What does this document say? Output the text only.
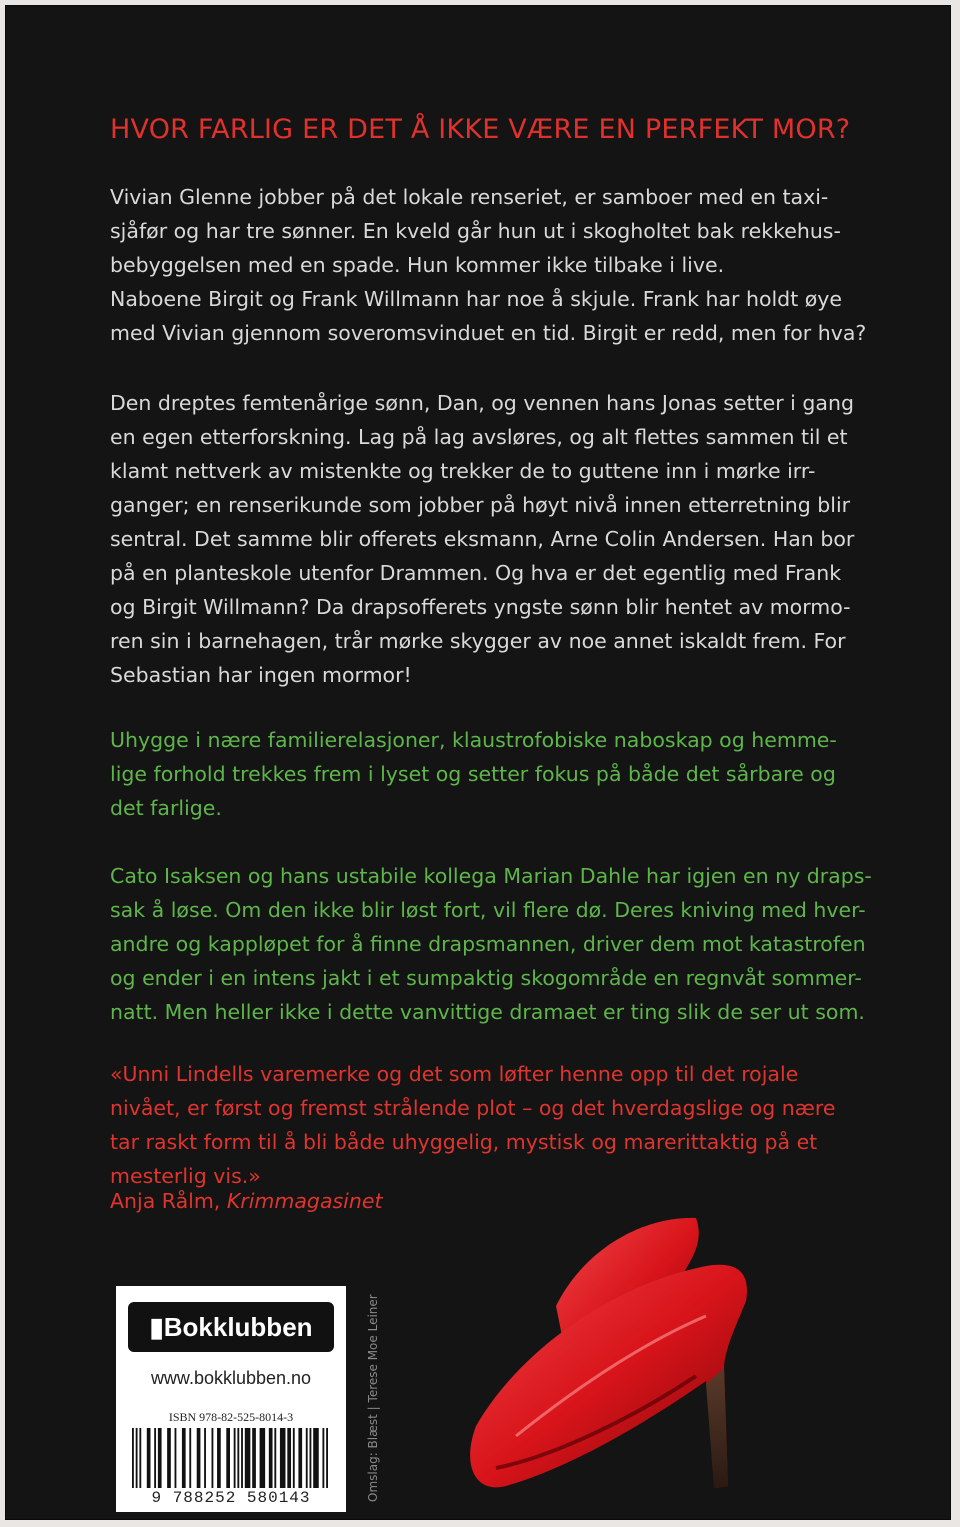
HVOR FARLIG ER DET Å IKKE VÆRE EN PERFEKT MOR?

Vivian Glenne jobber på det lokale renseriet, er samboer med en taxi-
sjåfør og har tre sønner. En kveld går hun ut i skogholtet bak rekkehus-
bebyggelsen med en spade. Hun kommer ikke tilbake i live.
Naboene Birgit og Frank Willmann har noe å skjule. Frank har holdt øye
med Vivian gjennom soveromsvinduet en tid. Birgit er redd, men for hva?

Den dreptes femtenårige sønn, Dan, og vennen hans Jonas setter i gang
en egen etterforskning. Lag på lag avsløres, og alt flettes sammen til et
klamt nettverk av mistenkte og trekker de to guttene inn i mørke irr-
ganger; en renserikunde som jobber på høyt nivå innen etterretning blir
sentral. Det samme blir offerets eksmann, Arne Colin Andersen. Han bor
på en planteskole utenfor Drammen. Og hva er det egentlig med Frank
og Birgit Willmann? Da drapsofferets yngste sønn blir hentet av mormo-
ren sin i barnehagen, trår mørke skygger av noe annet iskaldt frem. For
Sebastian har ingen mormor!

Uhygge i nære familierelasjoner, klaustrofobiske naboskap og hemme-
lige forhold trekkes frem i lyset og setter fokus på både det sårbare og
det farlige.

Cato Isaksen og hans ustabile kollega Marian Dahle har igjen en ny draps-
sak å løse. Om den ikke blir løst fort, vil flere dø. Deres kniving med hver-
andre og kappløpet for å finne drapsmannen, driver dem mot katastrofen
og ender i en intens jakt i et sumpaktig skogområde en regnvåt sommer-
natt. Men heller ikke i dette vanvittige dramaet er ting slik de ser ut som.

«Unni Lindells varemerke og det som løfter henne opp til det rojale
nivået, er først og fremst strålende plot – og det hverdagslige og nære
tar raskt form til å bli både uhyggelig, mystisk og marerittaktig på et
mesterlig vis.»

Anja Rålm, Krimmagasinet
Omslag: Blæst | Terese Moe Leiner
▮Bokklubben
www.bokklubben.no
ISBN 978-82-525-8014-3
9 788252 580143
